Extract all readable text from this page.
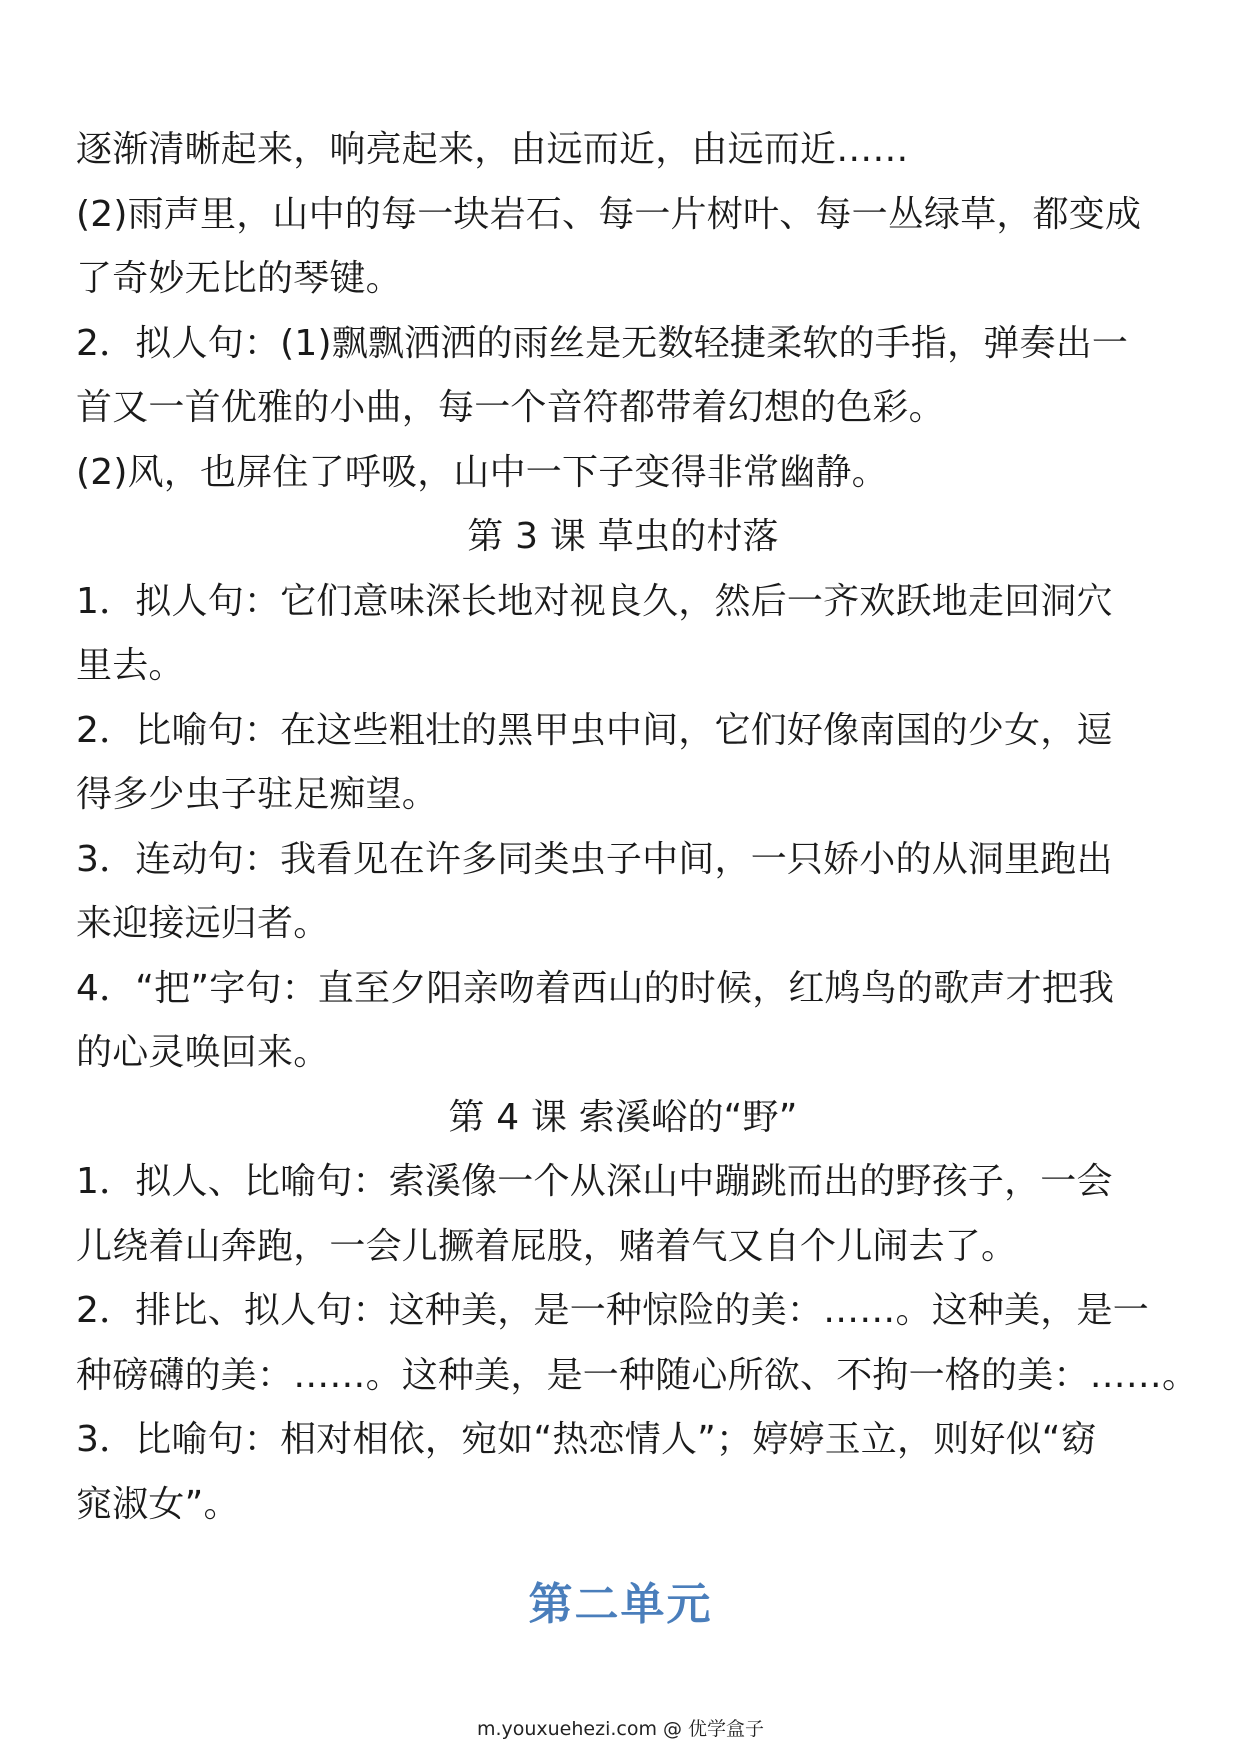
逐渐清晰起来，响亮起来，由远而近，由远而近……
(2)雨声里，山中的每一块岩石、每一片树叶、每一丛绿草，都变成
了奇妙无比的琴键。
2．拟人句：(1)飘飘洒洒的雨丝是无数轻捷柔软的手指，弹奏出一
首又一首优雅的小曲，每一个音符都带着幻想的色彩。
(2)风，也屏住了呼吸，山中一下子变得非常幽静。
第 3 课 草虫的村落
1．拟人句：它们意味深长地对视良久，然后一齐欢跃地走回洞穴
里去。
2．比喻句：在这些粗壮的黑甲虫中间，它们好像南国的少女，逗
得多少虫子驻足痴望。
3．连动句：我看见在许多同类虫子中间，一只娇小的从洞里跑出
来迎接远归者。
4．“把”字句：直至夕阳亲吻着西山的时候，红鸠鸟的歌声才把我
的心灵唤回来。
第 4 课 索溪峪的“野”
1．拟人、比喻句：索溪像一个从深山中蹦跳而出的野孩子，一会
儿绕着山奔跑，一会儿撅着屁股，赌着气又自个儿闹去了。
2．排比、拟人句：这种美，是一种惊险的美：……。这种美，是一
种磅礴的美：……。这种美，是一种随心所欲、不拘一格的美：……。
3．比喻句：相对相依，宛如“热恋情人”；婷婷玉立，则好似“窈
窕淑女”。
第二单元
m.youxuehezi.com @ 优学盒子
